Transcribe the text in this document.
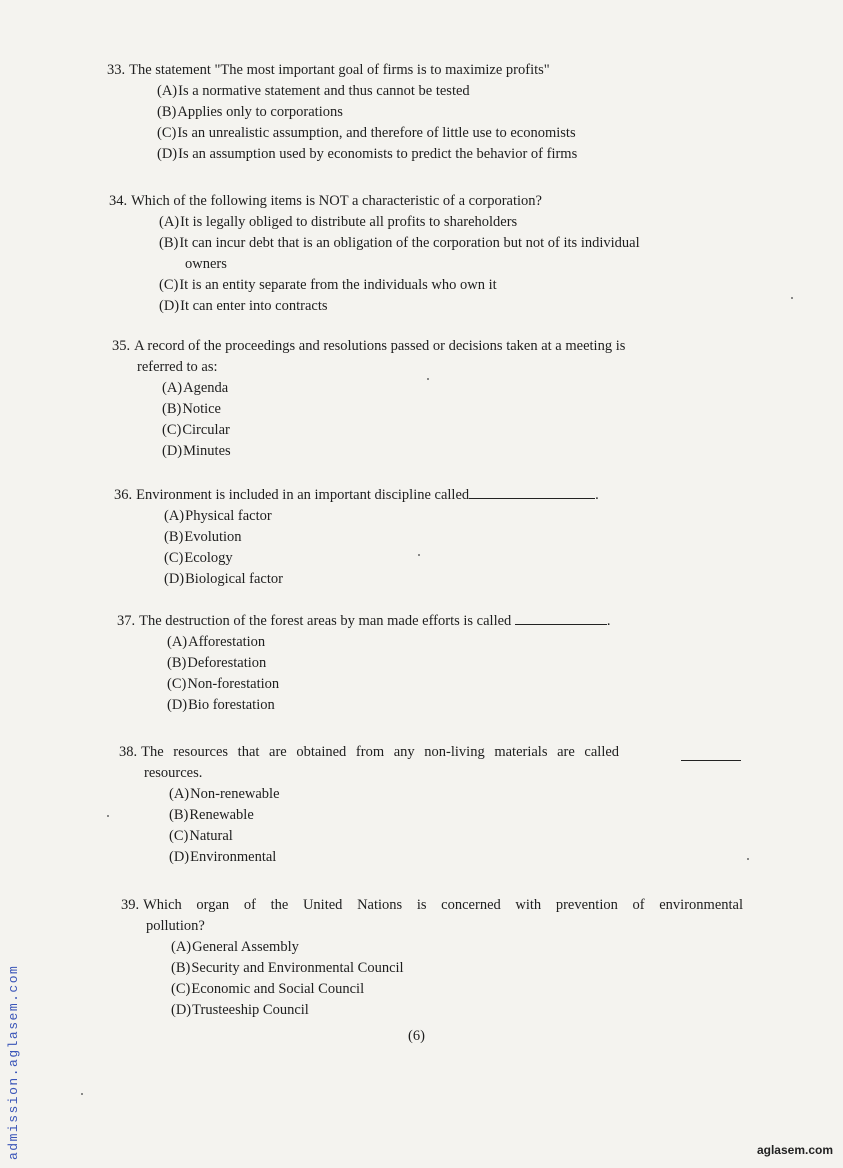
33. The statement "The most important goal of firms is to maximize profits"
(A)Is a normative statement and thus cannot be tested
(B)Applies only to corporations
(C)Is an unrealistic assumption, and therefore of little use to economists
(D)Is an assumption used by economists to predict the behavior of firms
34. Which of the following items is NOT a characteristic of a corporation?
(A)It is legally obliged to distribute all profits to shareholders
(B)It can incur debt that is an obligation of the corporation but not of its individual
owners
(C)It is an entity separate from the individuals who own it
(D)It can enter into contracts
35. A record of the proceedings and resolutions passed or decisions taken at a meeting is
referred to as:
(A)Agenda
(B)Notice
(C)Circular
(D)Minutes
36. Environment is included in an important discipline called	.
(A)Physical factor
(B)Evolution
(C)Ecology
(D)Biological factor
37. The destruction of the forest areas by man made efforts is called	.
(A)Afforestation
(B)Deforestation
(C)Non-forestation
(D)Bio forestation
38. The resources that are obtained from any non-living materials are called
resources.
(A)Non-renewable
(B)Renewable
(C)Natural
(D)Environmental
39. Which organ of the United Nations is concerned with prevention of environmental
pollution?
(A)General Assembly
(B)Security and Environmental Council
(C)Economic and Social Council
(D)Trusteeship Council
(6)
admission.aglasem.com	aglasem.com
